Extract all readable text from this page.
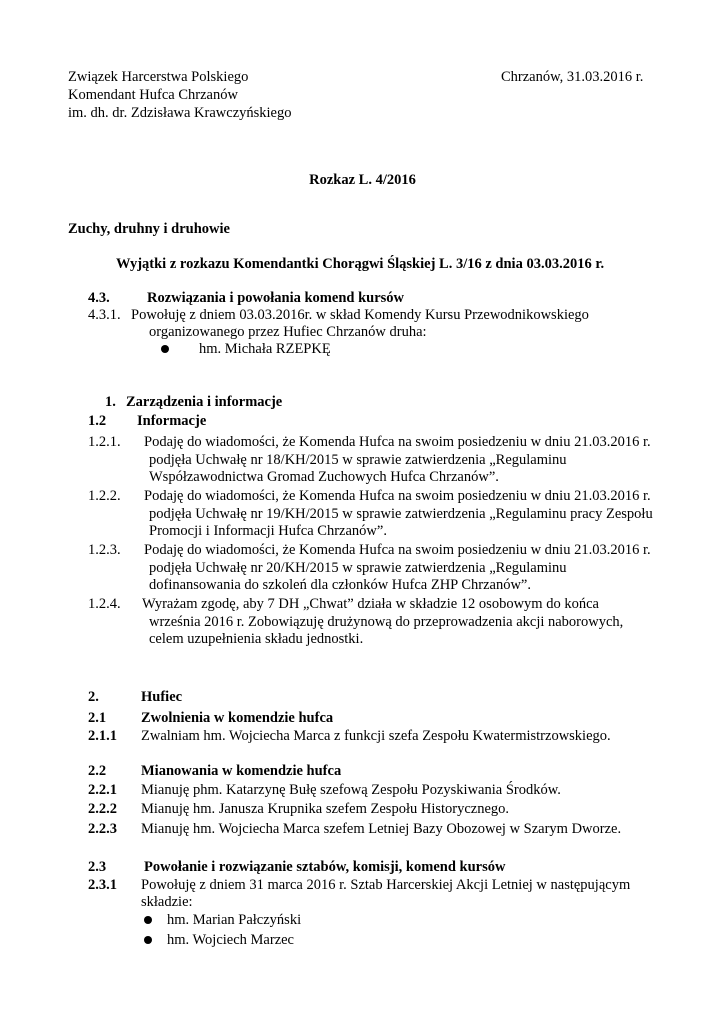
Związek Harcerstwa Polskiego
Komendant Hufca Chrzanów
im. dh. dr. Zdzisława Krawczyńskiego
Chrzanów, 31.03.2016 r.
Rozkaz L. 4/2016
Zuchy, druhny i druhowie
Wyjątki z rozkazu Komendantki Chorągwi Śląskiej L. 3/16 z dnia 03.03.2016 r.
4.3.	Rozwiązania i powołania komend kursów
4.3.1. Powołuję z dniem 03.03.2016r. w skład Komendy Kursu Przewodnikowskiego
organizowanego przez Hufiec Chrzanów druha:
hm. Michała RZEPKĘ
1. Zarządzenia i informacje
1.2 Informacje
1.2.1. Podaję do wiadomości, że Komenda Hufca na swoim posiedzeniu w dniu 21.03.2016 r.
podjęła Uchwałę nr 18/KH/2015 w sprawie zatwierdzenia „Regulaminu
Współzawodnictwa Gromad Zuchowych Hufca Chrzanów”.
1.2.2. Podaję do wiadomości, że Komenda Hufca na swoim posiedzeniu w dniu 21.03.2016 r.
podjęła Uchwałę nr 19/KH/2015 w sprawie zatwierdzenia „Regulaminu pracy Zespołu
Promocji i Informacji Hufca Chrzanów”.
1.2.3. Podaję do wiadomości, że Komenda Hufca na swoim posiedzeniu w dniu 21.03.2016 r.
podjęła Uchwałę nr 20/KH/2015 w sprawie zatwierdzenia „Regulaminu
dofinansowania do szkoleń dla członków Hufca ZHP Chrzanów”.
1.2.4. Wyrażam zgodę, aby 7 DH „Chwat” działa w składzie 12 osobowym do końca
września 2016 r. Zobowiązuję drużynową do przeprowadzenia akcji naborowych,
celem uzupełnienia składu jednostki.
2.	Hufiec
2.1 Zwolnienia w komendzie hufca
2.1.1 Zwalniam hm. Wojciecha Marca z funkcji szefa Zespołu Kwatermistrzowskiego.
2.2 Mianowania w komendzie hufca
2.2.1 Mianuję phm. Katarzynę Bułę szefową Zespołu Pozyskiwania Środków.
2.2.2 Mianuję hm. Janusza Krupnika szefem Zespołu Historycznego.
2.2.3 Mianuję hm. Wojciecha Marca szefem Letniej Bazy Obozowej w Szarym Dworze.
2.3	Powołanie i rozwiązanie sztabów, komisji, komend kursów
2.3.1 Powołuję z dniem 31 marca 2016 r. Sztab Harcerskiej Akcji Letniej w następującym
składzie:
hm. Marian Pałczyński
hm. Wojciech Marzec
